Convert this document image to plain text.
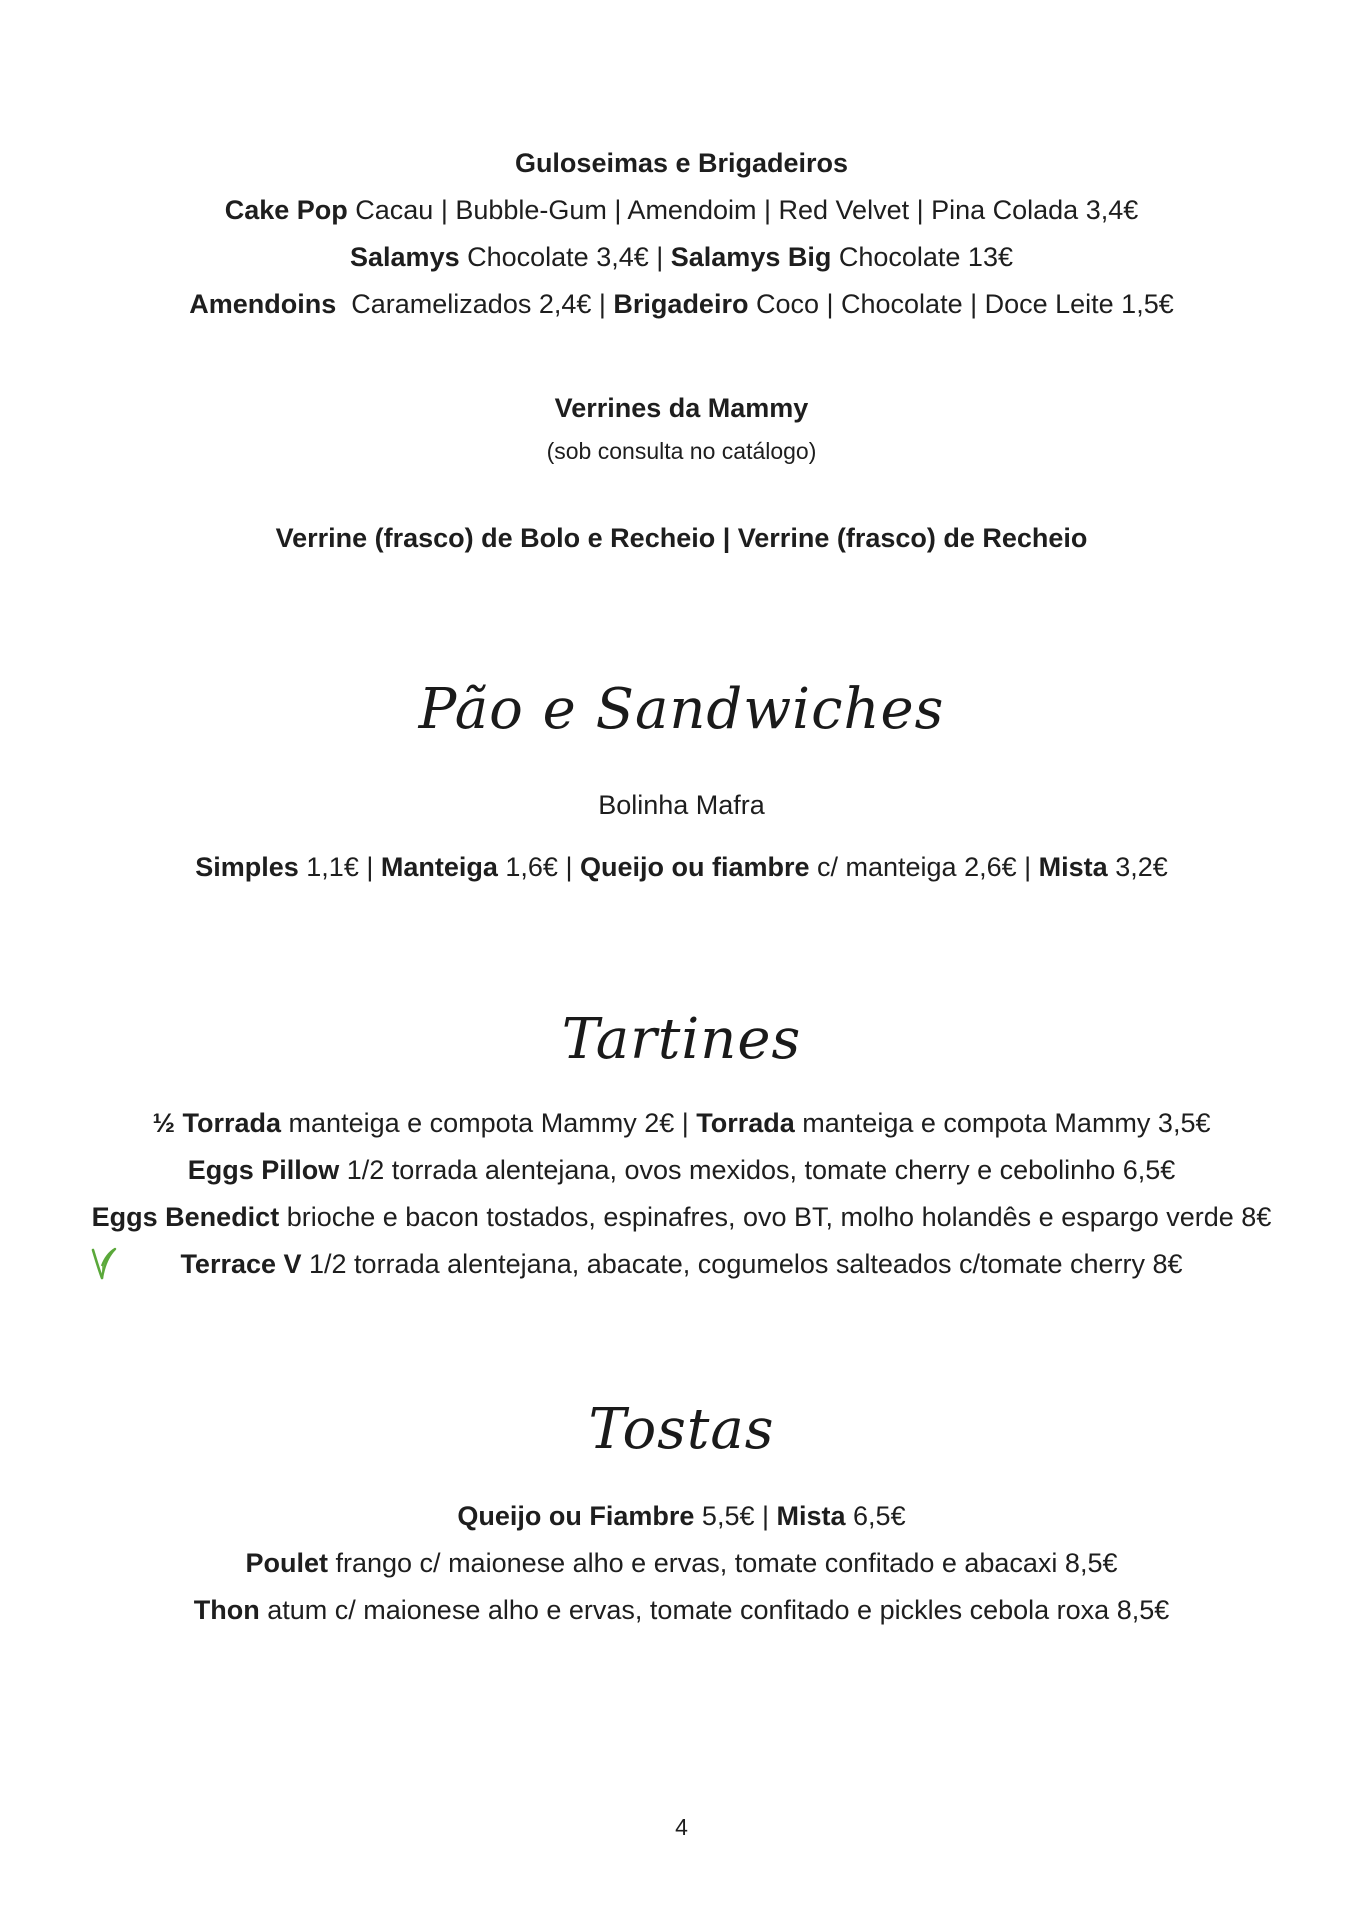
Guloseimas e Brigadeiros
Cake Pop Cacau | Bubble-Gum | Amendoim | Red Velvet | Pina Colada 3,4€
Salamys Chocolate 3,4€ | Salamys Big Chocolate 13€
Amendoins  Caramelizados 2,4€ | Brigadeiro Coco | Chocolate | Doce Leite 1,5€
Verrines da Mammy
(sob consulta no catálogo)
Verrine (frasco) de Bolo e Recheio | Verrine (frasco) de Recheio
Pão e Sandwiches
Bolinha Mafra
Simples 1,1€ | Manteiga 1,6€ | Queijo ou fiambre c/ manteiga 2,6€ | Mista 3,2€
Tartines
½ Torrada manteiga e compota Mammy 2€ | Torrada manteiga e compota Mammy 3,5€
Eggs Pillow 1/2 torrada alentejana, ovos mexidos, tomate cherry e cebolinho 6,5€
Eggs Benedict brioche e bacon tostados, espinafres, ovo BT, molho holandês e espargo verde 8€
Terrace V 1/2 torrada alentejana, abacate, cogumelos salteados c/tomate cherry 8€
Tostas
Queijo ou Fiambre 5,5€ | Mista 6,5€
Poulet frango c/ maionese alho e ervas, tomate confitado e abacaxi 8,5€
Thon atum c/ maionese alho e ervas, tomate confitado e pickles cebola roxa 8,5€
4
